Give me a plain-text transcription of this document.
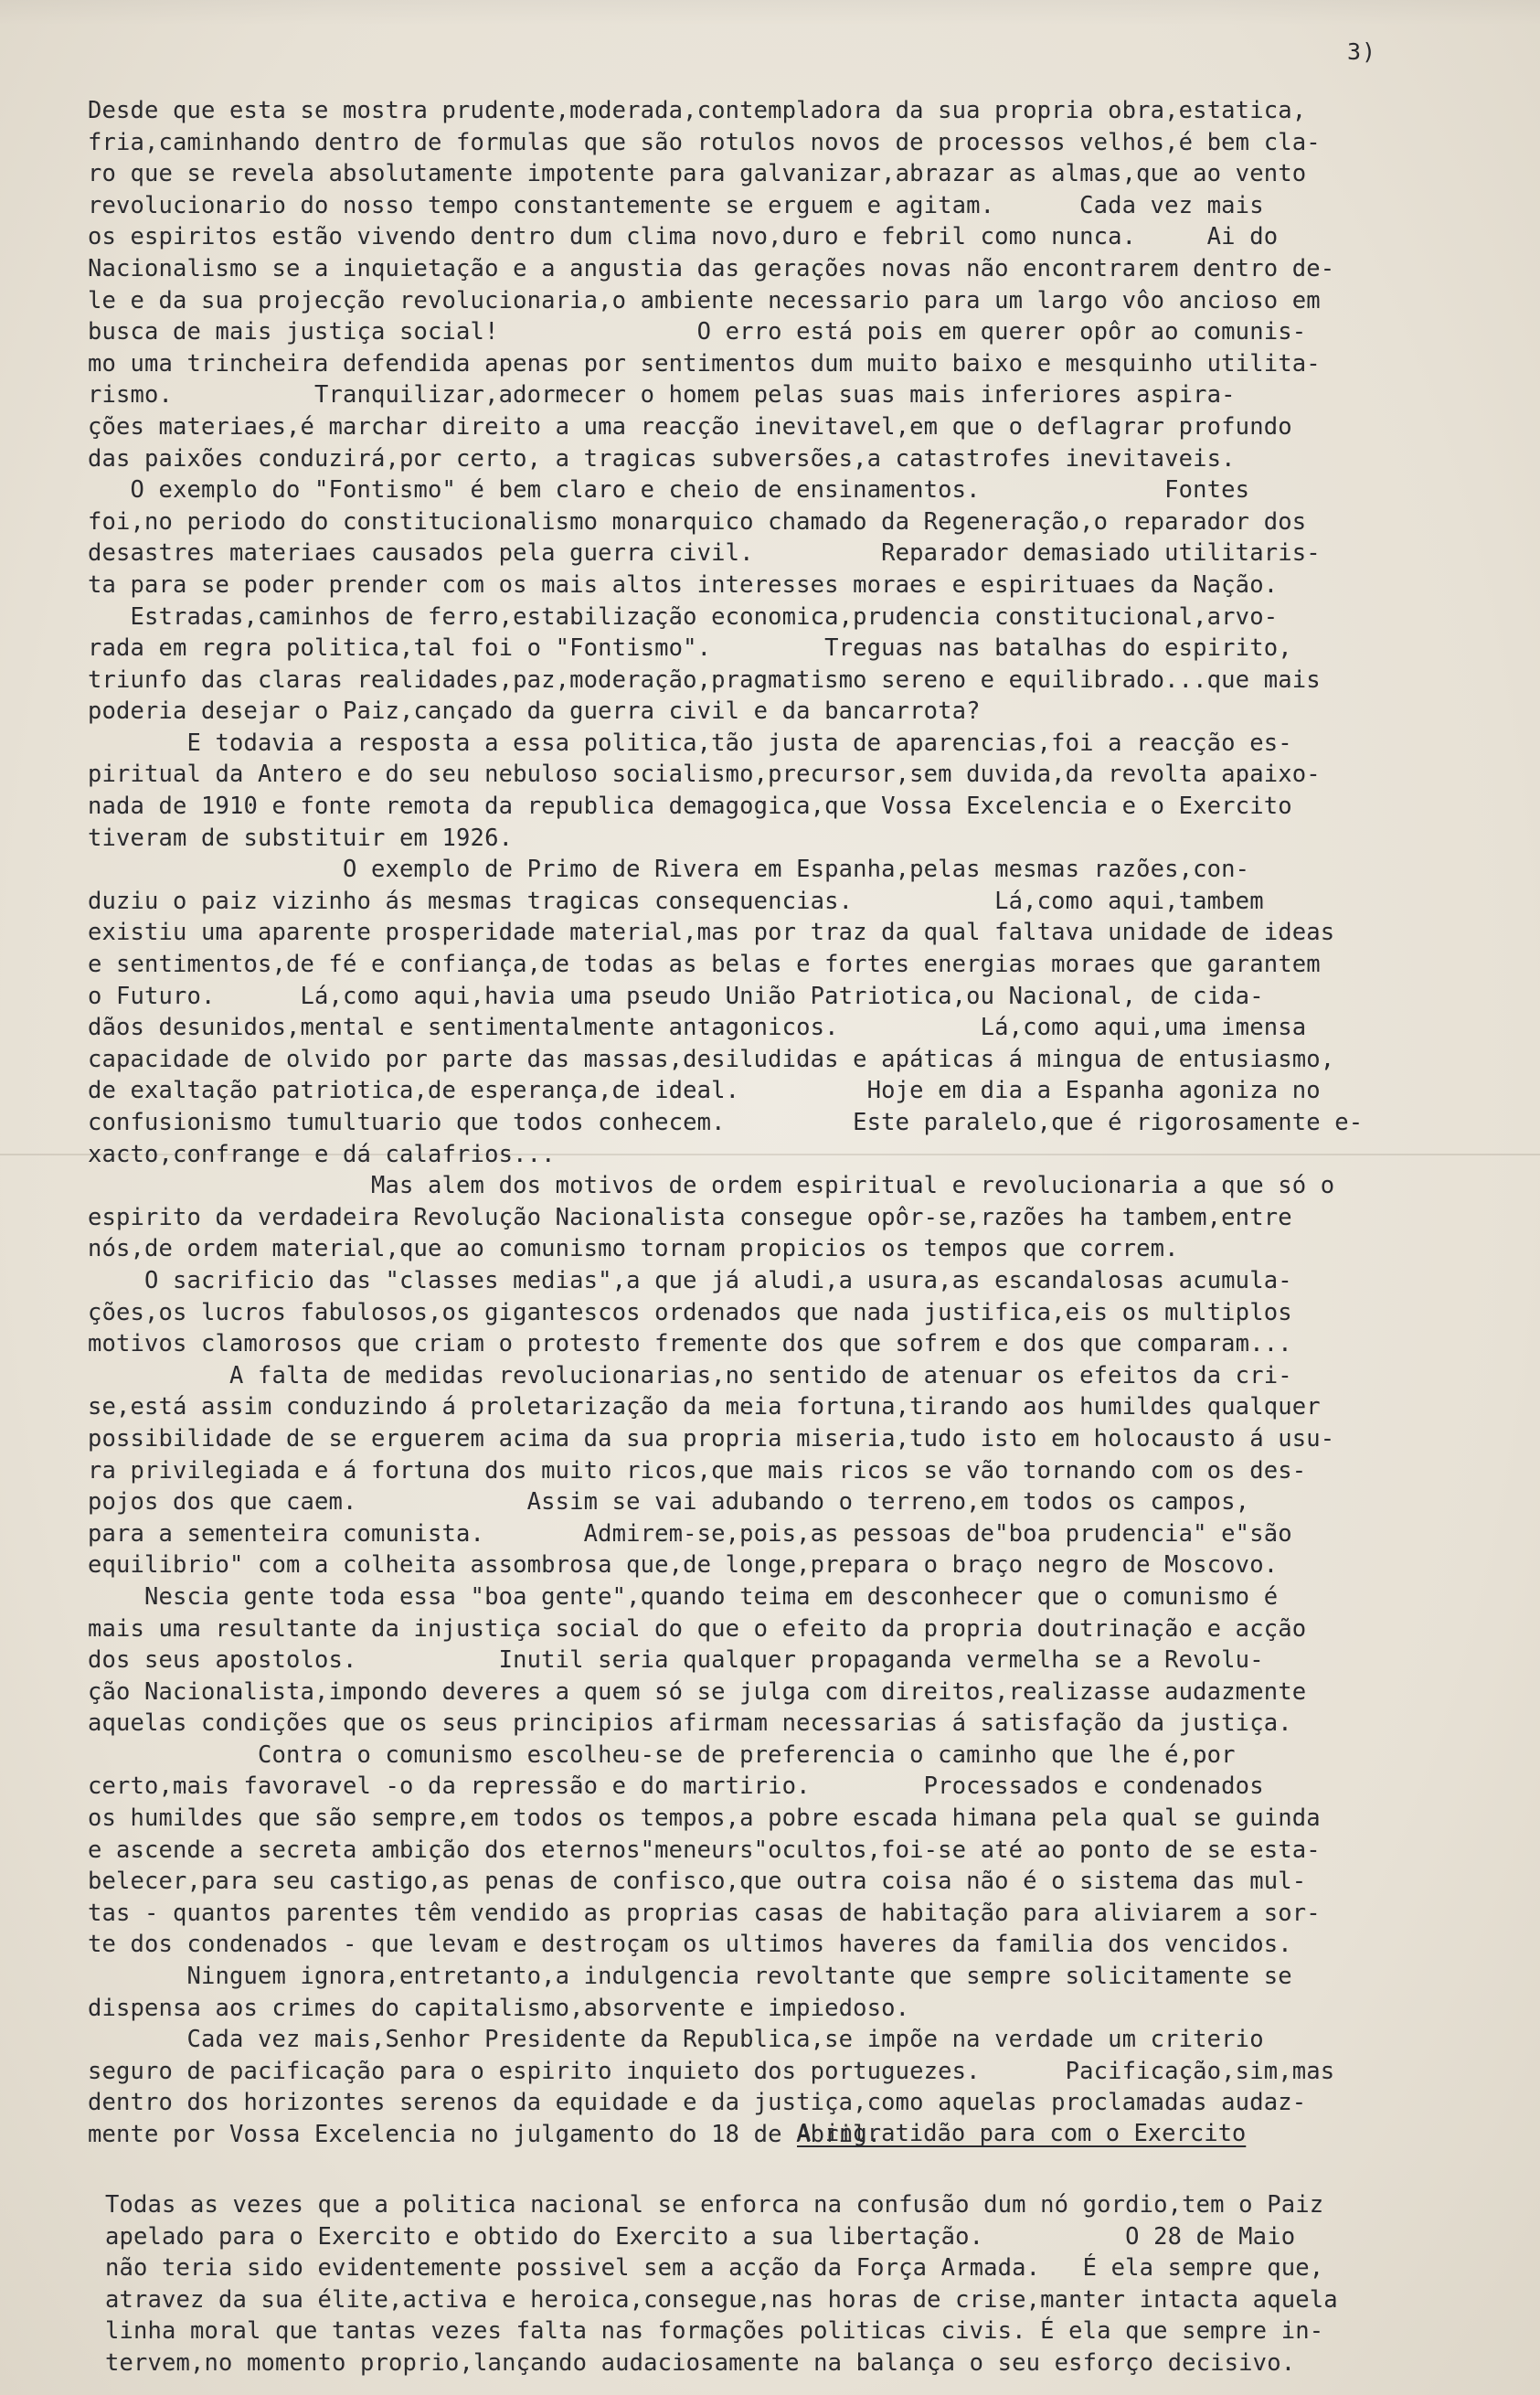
3)
Desde que esta se mostra prudente,moderada,contempladora da sua propria obra,estatica,
fria,caminhando dentro de formulas que são rotulos novos de processos velhos,é bem cla-
ro que se revela absolutamente impotente para galvanizar,abrazar as almas,que ao vento
revolucionario do nosso tempo constantemente se erguem e agitam.      Cada vez mais
os espiritos estão vivendo dentro dum clima novo,duro e febril como nunca.     Ai do
Nacionalismo se a inquietação e a angustia das gerações novas não encontrarem dentro de-
le e da sua projecção revolucionaria,o ambiente necessario para um largo vôo ancioso em
busca de mais justiça social!              O erro está pois em querer opôr ao comunis-
mo uma trincheira defendida apenas por sentimentos dum muito baixo e mesquinho utilita-
rismo.          Tranquilizar,adormecer o homem pelas suas mais inferiores aspira-
ções materiaes,é marchar direito a uma reacção inevitavel,em que o deflagrar profundo
das paixões conduzirá,por certo, a tragicas subversões,a catastrofes inevitaveis.
O exemplo do "Fontismo" é bem claro e cheio de ensinamentos.             Fontes
foi,no periodo do constitucionalismo monarquico chamado da Regeneração,o reparador dos
desastres materiaes causados pela guerra civil.         Reparador demasiado utilitaris-
ta para se poder prender com os mais altos interesses moraes e espirituaes da Nação.
Estradas,caminhos de ferro,estabilização economica,prudencia constitucional,arvo-
rada em regra politica,tal foi o "Fontismo".        Treguas nas batalhas do espirito,
triunfo das claras realidades,paz,moderação,pragmatismo sereno e equilibrado...que mais
poderia desejar o Paiz,cançado da guerra civil e da bancarrota?
E todavia a resposta a essa politica,tão justa de aparencias,foi a reacção es-
piritual da Antero e do seu nebuloso socialismo,precursor,sem duvida,da revolta apaixo-
nada de 1910 e fonte remota da republica demagogica,que Vossa Excelencia e o Exercito
tiveram de substituir em 1926.
O exemplo de Primo de Rivera em Espanha,pelas mesmas razões,con-
duziu o paiz vizinho ás mesmas tragicas consequencias.          Lá,como aqui,tambem
existiu uma aparente prosperidade material,mas por traz da qual faltava unidade de ideas
e sentimentos,de fé e confiança,de todas as belas e fortes energias moraes que garantem
o Futuro.      Lá,como aqui,havia uma pseudo União Patriotica,ou Nacional, de cida-
dãos desunidos,mental e sentimentalmente antagonicos.          Lá,como aqui,uma imensa
capacidade de olvido por parte das massas,desiludidas e apáticas á mingua de entusiasmo,
de exaltação patriotica,de esperança,de ideal.         Hoje em dia a Espanha agoniza no
confusionismo tumultuario que todos conhecem.         Este paralelo,que é rigorosamente e-
xacto,confrange e dá calafrios...
Mas alem dos motivos de ordem espiritual e revolucionaria a que só o
espirito da verdadeira Revolução Nacionalista consegue opôr-se,razões ha tambem,entre
nós,de ordem material,que ao comunismo tornam propicios os tempos que correm.
O sacrificio das "classes medias",a que já aludi,a usura,as escandalosas acumula-
ções,os lucros fabulosos,os gigantescos ordenados que nada justifica,eis os multiplos
motivos clamorosos que criam o protesto fremente dos que sofrem e dos que comparam...
A falta de medidas revolucionarias,no sentido de atenuar os efeitos da cri-
se,está assim conduzindo á proletarização da meia fortuna,tirando aos humildes qualquer
possibilidade de se erguerem acima da sua propria miseria,tudo isto em holocausto á usu-
ra privilegiada e á fortuna dos muito ricos,que mais ricos se vão tornando com os des-
pojos dos que caem.            Assim se vai adubando o terreno,em todos os campos,
para a sementeira comunista.       Admirem-se,pois,as pessoas de"boa prudencia" e"são
equilibrio" com a colheita assombrosa que,de longe,prepara o braço negro de Moscovo.
Nescia gente toda essa "boa gente",quando teima em desconhecer que o comunismo é
mais uma resultante da injustiça social do que o efeito da propria doutrinação e acção
dos seus apostolos.          Inutil seria qualquer propaganda vermelha se a Revolu-
ção Nacionalista,impondo deveres a quem só se julga com direitos,realizasse audazmente
aquelas condições que os seus principios afirmam necessarias á satisfação da justiça.
Contra o comunismo escolheu-se de preferencia o caminho que lhe é,por
certo,mais favoravel -o da repressão e do martirio.        Processados e condenados
os humildes que são sempre,em todos os tempos,a pobre escada himana pela qual se guinda
e ascende a secreta ambição dos eternos"meneurs"ocultos,foi-se até ao ponto de se esta-
belecer,para seu castigo,as penas de confisco,que outra coisa não é o sistema das mul-
tas - quantos parentes têm vendido as proprias casas de habitação para aliviarem a sor-
te dos condenados - que levam e destroçam os ultimos haveres da familia dos vencidos.
Ninguem ignora,entretanto,a indulgencia revoltante que sempre solicitamente se
dispensa aos crimes do capitalismo,absorvente e impiedoso.
Cada vez mais,Senhor Presidente da Republica,se impõe na verdade um criterio
seguro de pacificação para o espirito inquieto dos portuguezes.      Pacificação,sim,mas
dentro dos horizontes serenos da equidade e da justiça,como aquelas proclamadas audaz-
mente por Vossa Excelencia no julgamento do 18 de Abril.
A ingratidão para com o Exercito
Todas as vezes que a politica nacional se enforca na confusão dum nó gordio,tem o Paiz
apelado para o Exercito e obtido do Exercito a sua libertação.          O 28 de Maio
não teria sido evidentemente possivel sem a acção da Força Armada.   É ela sempre que,
atravez da sua élite,activa e heroica,consegue,nas horas de crise,manter intacta aquela
linha moral que tantas vezes falta nas formações politicas civis. É ela que sempre in-
tervem,no momento proprio,lançando audaciosamente na balança o seu esforço decisivo.
